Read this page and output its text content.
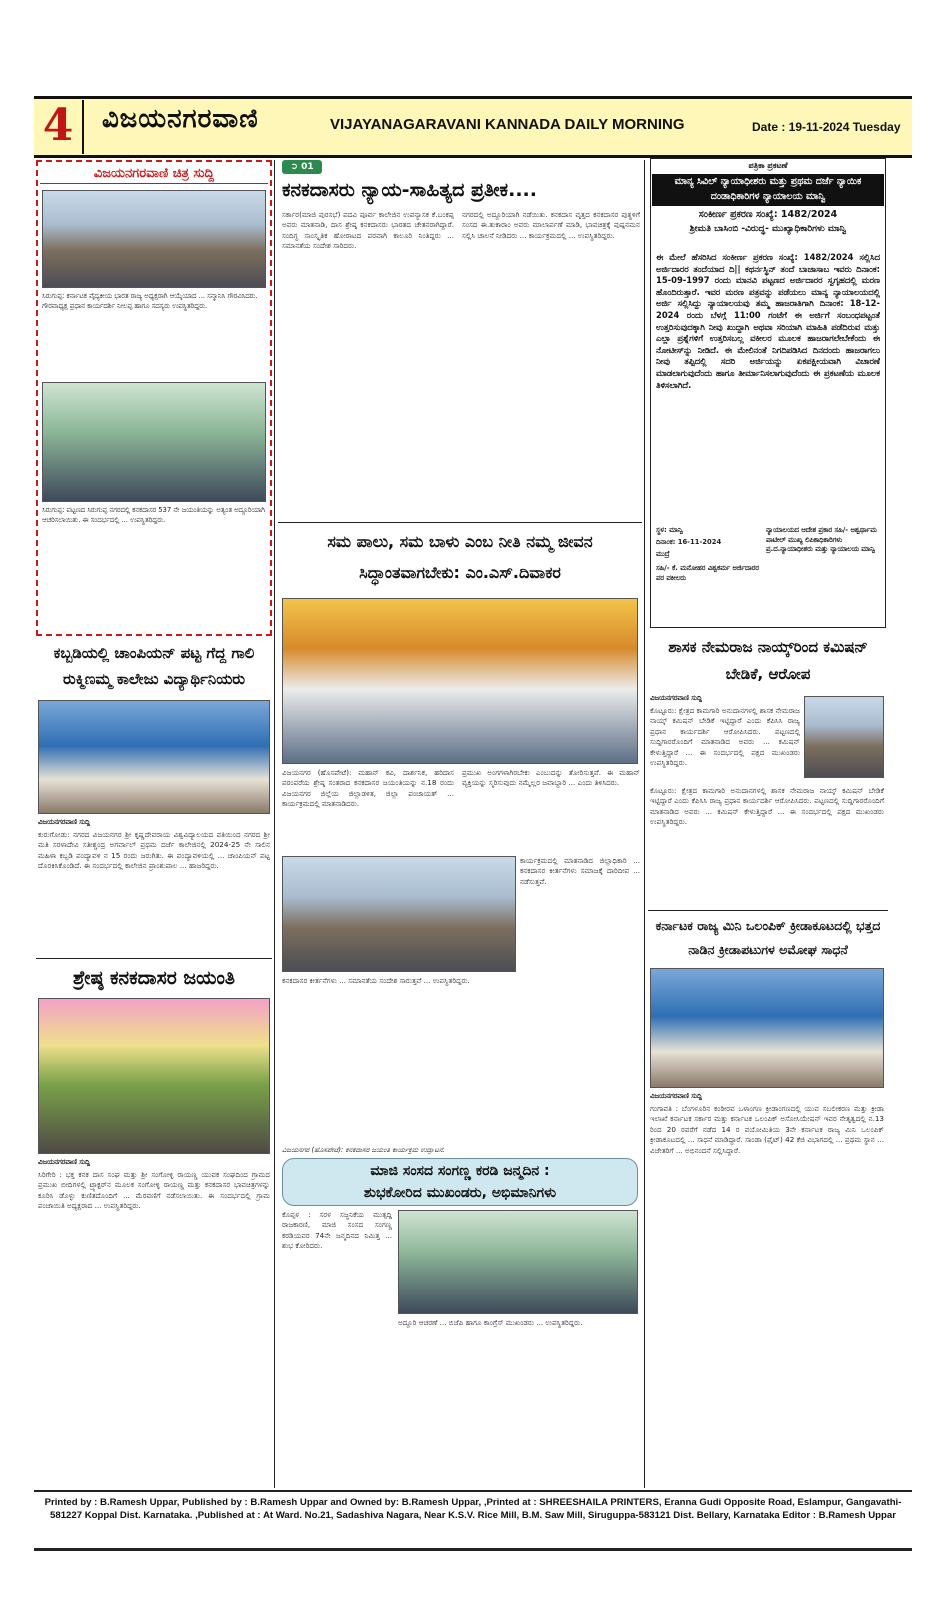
4 ವಿಜಯನಗರವಾಣಿ	VIJAYANAGARAVANI KANNADA DAILY MORNING	Date : 19-11-2024 Tuesday
ವಿಜಯನಗರವಾಣಿ ಚಿತ್ರ ಸುದ್ದಿ
ಸಿರುಗುಪ್ಪ: ಕರ್ನಾಟಕ ವೈದ್ಯಕೀಯ ಭಾರತ ರಾಜ್ಯ ಅಧ್ಯಕ್ಷರಾಗಿ ಆಯ್ಕೆಯಾದ ... ಸನ್ಮಾನಿಸಿ ಗೌರವಿಸಿದರು. ಗೌರವಾಧ್ಯಕ್ಷ ಪ್ರಧಾನ ಕಾರ್ಯದರ್ಶಿ ನೀಲಪ್ಪ ಹಾಗೂ ಸದಸ್ಯರು ಉಪಸ್ಥಿತರಿದ್ದರು.
ಸಿರುಗುಪ್ಪ: ಪಟ್ಟಣದ ಸಿರುಗುಪ್ಪ ನಗರದಲ್ಲಿ ಕನಕದಾಸರ 537 ನೇ ಜಯಂತಿಯನ್ನು ಅತ್ಯಂತ ಅದ್ದೂರಿಯಾಗಿ ಆಚರಿಸಲಾಯಿತು. ಈ ಸಂದರ್ಭದಲ್ಲಿ ... ಉಪಸ್ಥಿತರಿದ್ದರು.
ಕಬ್ಬಡಿಯಲ್ಲಿ ಚಾಂಪಿಯನ್ ಪಟ್ಟ ಗೆದ್ದ ಗಾಲಿ ರುಕ್ಮಿಣಮ್ಮ ಕಾಲೇಜು ವಿದ್ಯಾರ್ಥಿನಿಯರು
ವಿಜಯನಗರವಾಣಿ ಸುದ್ದಿ
ಕುರುಗೋಡು: ನಗರದ ವಿಜಯನಗರ ಶ್ರೀ ಕೃಷ್ಣದೇವರಾಯ ವಿಶ್ವವಿದ್ಯಾಲಯದ ವತಿಯಿಂದ ನಗರದ ಶ್ರೀ ಮತಿ ಸರಳಾದೇವಿ ಸತೀಶ್ಚಂದ್ರ ಅಗರ್ವಾಲ್ ಪ್ರಥಮ ದರ್ಜೆ ಕಾಲೇಜಿನಲ್ಲಿ 2024-25 ನೇ ಸಾಲಿನ ಮಹಿಳಾ ಕಬ್ಬಡಿ ಪಂದ್ಯಾವಳಿ ನ 15 ರಂದು ಜರುಗಿತು. ಈ ಪಂದ್ಯಾವಳಿಯಲ್ಲಿ ... ಚಾಂಪಿಯನ್ ಪಟ್ಟ ದೊರಕಿಸಿಕೊಂಡಿದೆ. ಈ ಸಂದರ್ಭದಲ್ಲಿ ಕಾಲೇಜಿನ ಪ್ರಾಂಶುಪಾಲ ... ಹಾಜರಿದ್ದರು.
ಶ್ರೇಷ್ಠ ಕನಕದಾಸರ ಜಯಂತಿ
ವಿಜಯನಗರವಾಣಿ ಸುದ್ದಿ
ಸಿರಿಗೇರಿ : ಭಕ್ತ ಕನಕ ದಾಸ ಸಂಘ ಮತ್ತು ಶ್ರೀ ಸಂಗೋಳ್ಳಿ ರಾಯಣ್ಣ ಯುವಕ ಸಂಘದಿಂದ ಗ್ರಾಮದ ಪ್ರಮುಖ ಬೀದಿಗಳಲ್ಲಿ ಟ್ರ್ಯಾಕ್ಟರ್‌ನ ಮೂಲಕ ಸಂಗೋಳ್ಳಿ ರಾಯಣ್ಣ ಮತ್ತು ಕನಕದಾಸರ ಭಾವಚಿತ್ರಗಳನ್ನು ಕೂರಿಸಿ ಡೊಳ್ಳು ಕುಣಿತದೊಂದಿಗೆ ... ಮೆರವಣಿಗೆ ನಡೆಸಲಾಯಿತು. ಈ ಸಂದರ್ಭದಲ್ಲಿ ಗ್ರಾಮ ಪಂಚಾಯಿತಿ ಅಧ್ಯಕ್ಷರಾದ ... ಉಪಸ್ಥಿತರಿದ್ದರು.
➲ 01
ಕನಕದಾಸರು ನ್ಯಾಯ-ಸಾಹಿತ್ಯದ ಪ್ರತೀಕ....
ಸರ್ಕಾರ(ಮಾಜಿ ಪುರಸಭೆ) ಪದವಿ ಪೂರ್ವ ಕಾಲೇಜಿನ ಉಪನ್ಯಾಸಕ ಕೆ.ಬಂಕಪ್ಪ ಅವರು ಮಾತನಾಡಿ, ದಾಸ ಶ್ರೇಷ್ಠ ಕನಕದಾಸರು ಭಾರತದ ಚೇತನರಾಗಿದ್ದಾರೆ. ಸಂದಿಗ್ಧ ಸಾಂಸ್ಕೃತಿಕ ಹೋರಾಟದ ಪರವಾಗಿ ಕಾಲೂರಿ ನಿಂತಿದ್ದರು ... ಸಮಾನತೆಯ ಸಂದೇಶ ಸಾರಿದರು.
ನಗರದಲ್ಲಿ ಅದ್ದೂರಿಯಾಗಿ ನಡೆಯಿತು. ಕನಕದಾಸ ವೃತ್ತದ ಕನಕದಾಸರ ಪುತ್ಥಳಿಗೆ ಸಂಸದ ಈ.ತುಕಾರಾಂ ಅವರು ಮಾಲಾರ್ಪಣೆ ಮಾಡಿ, ಭಾವಚಿತ್ರಕ್ಕೆ ಪುಷ್ಪನಮನ ಸಲ್ಲಿಸಿ ಚಾಲನೆ ನೀಡಿದರು ... ಕಾರ್ಯಕ್ರಮದಲ್ಲಿ ... ಉಪಸ್ಥಿತರಿದ್ದರು.
ಸಮ ಪಾಲು, ಸಮ ಬಾಳು ಎಂಬ ನೀತಿ ನಮ್ಮ ಜೀವನ ಸಿದ್ಧಾಂತವಾಗಬೇಕು: ಎಂ.ಎಸ್.ದಿವಾಕರ
ವಿಜಯನಗರ (ಹೊಸಪೇಟೆ): ಮಹಾನ್ ಕವಿ, ದಾರ್ಶನಿಕ, ಹರಿದಾಸ ಪರಂಪರೆಯ ಶ್ರೇಷ್ಠ ಸಂತರಾದ ಕನಕದಾಸರ ಜಯಂತಿಯನ್ನು ನ.18 ರಂದು ವಿಜಯನಗರ ಜಿಲ್ಲೆಯ ಜಿಲ್ಲಾಡಳಿತ, ಜಿಲ್ಲಾ ಪಂಚಾಯತ್ ... ಕಾರ್ಯಕ್ರಮದಲ್ಲಿ ಮಾತನಾಡಿದರು.
ಪ್ರಮುಖ ಅಂಗಗಳಾಗಿರಬೇಕು ಎಂಬುದನ್ನು ತೋರಿಸುತ್ತವೆ. ಈ ಮಹಾನ್ ವ್ಯಕ್ತಿಯನ್ನು ಸ್ಮರಿಸುವುದು ನಮ್ಮೆಲ್ಲರ ಜವಾಬ್ದಾರಿ ... ಎಂದು ತಿಳಿಸಿದರು.
ಕಾರ್ಯಕ್ರಮದಲ್ಲಿ ಮಾತನಾಡಿದ ಜಿಲ್ಲಾಧಿಕಾರಿ ... ಕನಕದಾಸರ ಕೀರ್ತನೆಗಳು ಸಮಾಜಕ್ಕೆ ದಾರಿದೀಪ ... ನಡೆಸುತ್ತವೆ.
ಕನಕದಾಸರ ಕೀರ್ತನೆಗಳು ... ಸಮಾನತೆಯ ಸಂದೇಶ ಸಾರುತ್ತವೆ ... ಉಪಸ್ಥಿತರಿದ್ದರು.
ವಿಜಯನಗರ (ಹೊಸಪೇಟೆ): ಕನಕದಾಸರ ಜಯಂತಿ ಕಾರ್ಯಕ್ರಮ ಉದ್ಘಾಟನೆ.
ಮಾಜಿ ಸಂಸದ ಸಂಗಣ್ಣ ಕರಡಿ ಜನ್ಮದಿನ :
ಶುಭಕೋರಿದ ಮುಖಂಡರು, ಅಭಿಮಾನಿಗಳು
ಕೊಪ್ಪಳ : ಸರಳ ಸಜ್ಜನಿಕೆಯ ಮುತ್ಸದ್ದಿ ರಾಜಕಾರಣಿ, ಮಾಜಿ ಸಂಸದ ಸಂಗಣ್ಣ ಕರಡಿಯವರ 74ನೇ ಜನ್ಮದಿನದ ನಿಮಿತ್ತ ... ಶುಭ ಕೋರಿದರು.
ಅದ್ದೂರಿ ಆಚರಣೆ ... ಬಿಜೆಪಿ ಹಾಗೂ ಕಾಂಗ್ರೆಸ್ ಮುಖಂಡರು ... ಉಪಸ್ಥಿತರಿದ್ದರು.
ಪತ್ರಿಕಾ ಪ್ರಕಟಣೆ
ಮಾನ್ಯ ಸಿವಿಲ್ ನ್ಯಾಯಾಧೀಶರು ಮತ್ತು ಪ್ರಥಮ ದರ್ಜೆ ನ್ಯಾಯಿಕ ದಂಡಾಧಿಕಾರಿಗಳ ನ್ಯಾಯಾಲಯ ಮಾನ್ವಿ
ಸಂಕೀರ್ಣ ಪ್ರಕರಣ ಸಂಖ್ಯೆ: 1482/2024
ಶ್ರೀಮತಿ ಬಾಸಿಂಬಿ -ವಿರುದ್ಧ- ಮುಖ್ಯಾಧಿಕಾರಿಗಳು ಮಾನ್ವಿ
ಈ ಮೇಲೆ ಹೆಸರಿಸಿದ ಸಂಕೀರ್ಣ ಪ್ರಕರಣ ಸಂಖ್ಯೆ: 1482/2024 ಸಲ್ಲಿಸಿದ ಅರ್ಜಿದಾರರ ತಂದೆಯಾದ ದಿ|| ಕಥರ್ನಸ್ಥಿನ್ ತಂದೆ ಬಾಜಾಸಾಬ ಇವರು ದಿನಾಂಕ: 15-09-1997 ರಂದು ಮಾನವಿ ಪಟ್ಟಣದ ಅರ್ಜಿದಾರರ ಸ್ವಗೃಹದಲ್ಲಿ ಮರಣ ಹೊಂದಿರುತ್ತಾರೆ. ಇವರ ಮರಣ ಪತ್ರವನ್ನು ಪಡೆಯಲು ಮಾನ್ಯ ನ್ಯಾಯಾಲಯದಲ್ಲಿ ಅರ್ಜಿ ಸಲ್ಲಿಸಿದ್ದು ನ್ಯಾಯಾಲಯವು ತಮ್ಮ ಹಾಜರಾತಿಗಾಗಿ ದಿನಾಂಕ: 18-12-2024 ರಂದು ಬೆಳಗ್ಗೆ 11:00 ಗಂಟೆಗೆ ಈ ಅರ್ಜಿಗೆ ಸಂಬಂಧಪಟ್ಟಂತೆ ಉತ್ತರಿಸುವುದಕ್ಕಾಗಿ ನೀವು ಖುದ್ದಾಗಿ ಅಥವಾ ಸರಿಯಾಗಿ ಮಾಹಿತಿ ಪಡೆದಿರುವ ಮತ್ತು ಎಲ್ಲಾ ಪ್ರಶ್ನೆಗಳಿಗೆ ಉತ್ತರಿಸಬಲ್ಲ ವಕೀಲರ ಮೂಲಕ ಹಾಜರಾಗಲೇಬೇಕೆಂದು ಈ ನೋಟೀಸ್‌ನ್ನು ನೀಡಿದೆ. ಈ ಮೇಲಿನಂತೆ ನಿಗದಿಪಡಿಸಿದ ದಿನದಂದು ಹಾಜರಾಗಲು ನೀವು ತಪ್ಪಿದಲ್ಲಿ ಸದರಿ ಅರ್ಜಿಯನ್ನು ಏಕಪಕ್ಷೀಯವಾಗಿ ವಿಚಾರಣೆ ಮಾಡಲಾಗುವುದೆಂದು ಹಾಗೂ ತೀರ್ಮಾನಿಸಲಾಗುವುದೆಂದು ಈ ಪ್ರಕಟಣೆಯ ಮೂಲಕ ತಿಳಿಸಲಾಗಿದೆ.
ಸ್ಥಳ: ಮಾನ್ವಿ
ದಿನಾಂಕ: 16-11-2024
ಮುದ್ರೆ
ಸಹಿ/- ಕೆ. ಮನೋಹರ ವಿಶ್ವಕರ್ಮ ಅರ್ಜಿದಾರರ ಪರ ವಕೀಲರು
ನ್ಯಾಯಾಲಯದ ಆದೇಶ ಪ್ರಕಾರ ಸಹಿ/- ಅಶ್ವರ್ಥಾಮ ಪಾಟೀಲ್ ಮುಖ್ಯ ಲಿಪಿಕಾಧಿಕಾರಿಗಳು ಪ್ರ.ದ.ನ್ಯಾಯಾಧೀಶರು ಮತ್ತು ನ್ಯಾಯಾಲಯ ಮಾನ್ವಿ
ಶಾಸಕ ನೇಮರಾಜ ನಾಯ್ಕ್‌ರಿಂದ ಕಮಿಷನ್ ಬೇಡಿಕೆ, ಆರೋಪ
ವಿಜಯನಗರವಾಣಿ ಸುದ್ದಿ
ಕೊಟ್ಟೂರು: ಕ್ಷೇತ್ರದ ಕಾಮಗಾರಿ ಅನುದಾನಗಳಲ್ಲಿ ಶಾಸಕ ನೇಮರಾಜ ನಾಯ್ಕ್ ಕಮಿಷನ್ ಬೇಡಿಕೆ ಇಟ್ಟಿದ್ದಾರೆ ಎಂದು ಕೆಪಿಸಿಸಿ ರಾಜ್ಯ ಪ್ರಧಾನ ಕಾರ್ಯದರ್ಶಿ ಆರೋಪಿಸಿದರು. ಪಟ್ಟಣದಲ್ಲಿ ಸುದ್ದಿಗಾರರೊಂದಿಗೆ ಮಾತನಾಡಿದ ಅವರು ... ಕಮಿಷನ್ ಕೇಳುತ್ತಿದ್ದಾರೆ ... ಈ ಸಂದರ್ಭದಲ್ಲಿ ಪಕ್ಷದ ಮುಖಂಡರು ಉಪಸ್ಥಿತರಿದ್ದರು.
ಕೊಟ್ಟೂರು: ಕ್ಷೇತ್ರದ ಕಾಮಗಾರಿ ಅನುದಾನಗಳಲ್ಲಿ ಶಾಸಕ ನೇಮರಾಜ ನಾಯ್ಕ್ ಕಮಿಷನ್ ಬೇಡಿಕೆ ಇಟ್ಟಿದ್ದಾರೆ ಎಂದು ಕೆಪಿಸಿಸಿ ರಾಜ್ಯ ಪ್ರಧಾನ ಕಾರ್ಯದರ್ಶಿ ಆರೋಪಿಸಿದರು. ಪಟ್ಟಣದಲ್ಲಿ ಸುದ್ದಿಗಾರರೊಂದಿಗೆ ಮಾತನಾಡಿದ ಅವರು ... ಕಮಿಷನ್ ಕೇಳುತ್ತಿದ್ದಾರೆ ... ಈ ಸಂದರ್ಭದಲ್ಲಿ ಪಕ್ಷದ ಮುಖಂಡರು ಉಪಸ್ಥಿತರಿದ್ದರು.
ಕರ್ನಾಟಕ ರಾಜ್ಯ ಮಿನಿ ಒಲಂಪಿಕ್ ಕ್ರೀಡಾಕೂಟದಲ್ಲಿ ಭತ್ತದ ನಾಡಿನ ಕ್ರೀಡಾಪಟುಗಳ ಅಮೋಘ ಸಾಧನೆ
ವಿಜಯನಗರವಾಣಿ ಸುದ್ದಿ
ಗಂಗಾವತಿ : ಬೆಂಗಳೂರಿನ ಕಂಠೀರವ ಒಳಾಂಗಣ ಕ್ರೀಡಾಂಗಣದಲ್ಲಿ ಯುವ ಸಬಲೀಕರಣ ಮತ್ತು ಕ್ರೀಡಾ ಇಲಾಖೆ ಕರ್ನಾಟಕ ಸರ್ಕಾರ ಮತ್ತು ಕರ್ನಾಟಕ ಒಲಂಪಿಕ್ ಅಸೋಸಿಯೇಷನ್ ಇವರ ನೇತೃತ್ವದಲ್ಲಿ ನ.13 ರಿಂದ 20 ರವರೆಗೆ ನಡೆದ 14 ರ ವಯೋಮಿತಿಯ 3ನೇ ಕರ್ನಾಟಕ ರಾಜ್ಯ ಮಿನಿ ಒಲಂಪಿಕ್ ಕ್ರೀಡಾಕೂಟದಲ್ಲಿ ... ಸಾಧನೆ ಮಾಡಿದ್ದಾರೆ. ಸಾಂಡಾ (ಫೈಟ್) 42 ಕೆಜಿ ವಿಭಾಗದಲ್ಲಿ ... ಪ್ರಥಮ ಸ್ಥಾನ ... ವಿಜೇತರಿಗೆ ... ಅಭಿನಂದನೆ ಸಲ್ಲಿಸಿದ್ದಾರೆ.
Printed by : B.Ramesh Uppar, Published by : B.Ramesh Uppar and Owned by: B.Ramesh Uppar, ,Printed at : SHREESHAILA PRINTERS, Eranna Gudi Opposite Road, Eslampur, Gangavathi-581227 Koppal Dist. Karnataka. ,Published at : At Ward. No.21, Sadashiva Nagara, Near K.S.V. Rice Mill, B.M. Saw Mill, Siruguppa-583121 Dist. Bellary, Karnataka Editor : B.Ramesh Uppar
